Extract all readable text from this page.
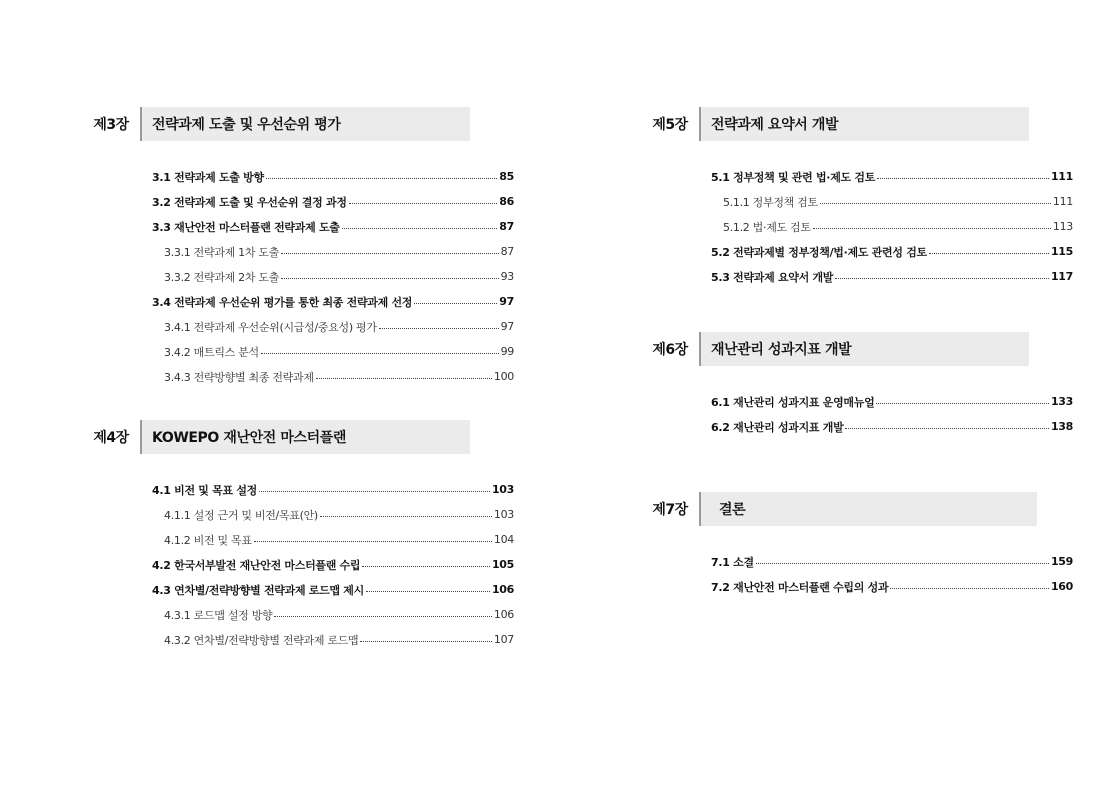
제3장	전략과제 도출 및 우선순위 평가
3.1 전략과제 도출 방향	85
3.2 전략과제 도출 및 우선순위 결정 과정	86
3.3 재난안전 마스터플랜 전략과제 도출	87
3.3.1 전략과제 1차 도출	87
3.3.2 전략과제 2차 도출	93
3.4 전략과제 우선순위 평가를 통한 최종 전략과제 선정	97
3.4.1 전략과제 우선순위(시급성/중요성) 평가	97
3.4.2 매트릭스 분석	99
3.4.3 전략방향별 최종 전략과제	100
제4장	KOWEPO 재난안전 마스터플랜
4.1 비전 및 목표 설정	103
4.1.1 설정 근거 및 비전/목표(안)	103
4.1.2 비전 및 목표	104
4.2 한국서부발전 재난안전 마스터플랜 수립	105
4.3 연차별/전략방향별 전략과제 로드맵 제시	106
4.3.1 로드맵 설정 방향	106
4.3.2 연차별/전략방향별 전략과제 로드맵	107
제5장	전략과제 요약서 개발
5.1 정부정책 및 관련 법·제도 검토	111
5.1.1 정부정책 검토	111
5.1.2 법·제도 검토	113
5.2 전략과제별 정부정책/법·제도 관련성 검토	115
5.3 전략과제 요약서 개발	117
제6장	재난관리 성과지표 개발
6.1 재난관리 성과지표 운영매뉴얼	133
6.2 재난관리 성과지표 개발	138
제7장	결론
7.1 소결	159
7.2 재난안전 마스터플랜 수립의 성과	160
